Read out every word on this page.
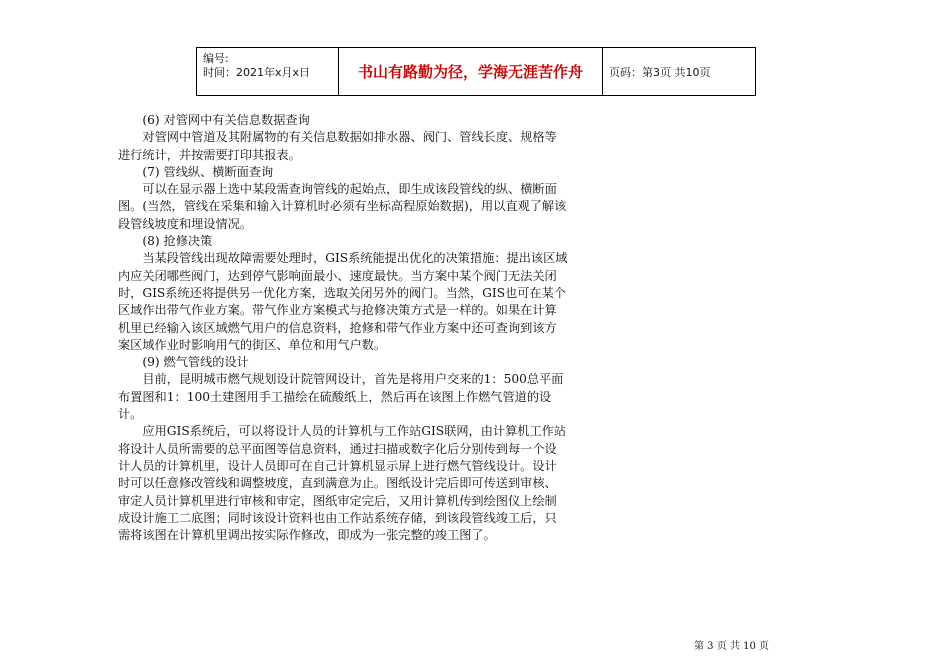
编号:
时间：2021年x月x日	书山有路勤为径，学海无涯苦作舟	页码：第3页 共10页

(6) 对管网中有关信息数据查询

对管网中管道及其附属物的有关信息数据如排水器、阀门、管线长度、规格等进行统计，并按需要打印其报表。

(7) 管线纵、横断面查询

可以在显示器上选中某段需查询管线的起始点，即生成该段管线的纵、横断面图。(当然，管线在采集和输入计算机时必须有坐标高程原始数据)，用以直观了解该段管线坡度和埋设情况。

(8) 抢修决策

当某段管线出现故障需要处理时，GIS系统能提出优化的决策措施：提出该区域内应关闭哪些阀门，达到停气影响面最小、速度最快。当方案中某个阀门无法关闭时，GIS系统还将提供另一优化方案，选取关闭另外的阀门。当然，GIS也可在某个区域作出带气作业方案。带气作业方案模式与抢修决策方式是一样的。如果在计算机里已经输入该区域燃气用户的信息资料，抢修和带气作业方案中还可查询到该方案区域作业时影响用气的街区、单位和用气户数。

(9) 燃气管线的设计

目前，昆明城市燃气规划设计院管网设计，首先是将用户交来的1：500总平面布置图和1：100土建图用手工描绘在硫酸纸上，然后再在该图上作燃气管道的设计。

应用GIS系统后，可以将设计人员的计算机与工作站GIS联网，由计算机工作站将设计人员所需要的总平面图等信息资料，通过扫描或数字化后分别传到每一个设计人员的计算机里，设计人员即可在自己计算机显示屏上进行燃气管线设计。设计时可以任意修改管线和调整坡度，直到满意为止。图纸设计完后即可传送到审核、审定人员计算机里进行审核和审定，图纸审定完后，又用计算机传到绘图仪上绘制成设计施工二底图；同时该设计资料也由工作站系统存储，到该段管线竣工后，只需将该图在计算机里调出按实际作修改，即成为一张完整的竣工图了。

第 3 页 共 10 页
